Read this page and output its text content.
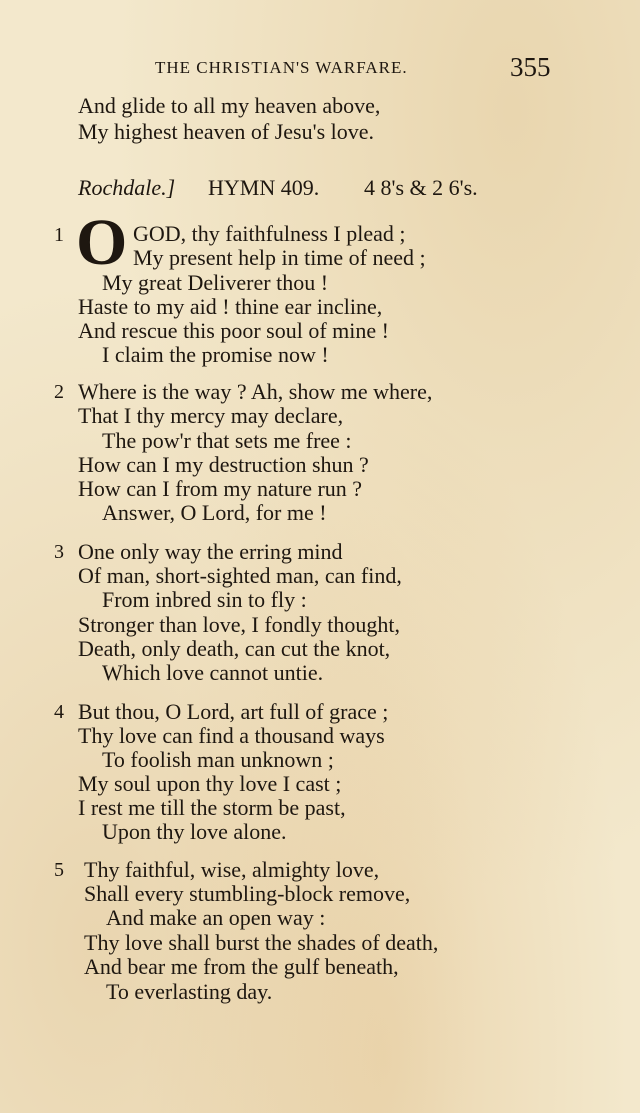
THE CHRISTIAN'S WARFARE.	355
And glide to all my heaven above,
My highest heaven of Jesu's love.
Rochdale.] HYMN 409. 4 8's & 2 6's.
1 O GOD, thy faithfulness I plead ;
My present help in time of need ;
My great Deliverer thou !
Haste to my aid ! thine ear incline,
And rescue this poor soul of mine !
I claim the promise now !
2 Where is the way ? Ah, show me where,
That I thy mercy may declare,
The pow'r that sets me free :
How can I my destruction shun ?
How can I from my nature run ?
Answer, O Lord, for me !
3 One only way the erring mind
Of man, short-sighted man, can find,
From inbred sin to fly :
Stronger than love, I fondly thought,
Death, only death, can cut the knot,
Which love cannot untie.
4 But thou, O Lord, art full of grace ;
Thy love can find a thousand ways
To foolish man unknown ;
My soul upon thy love I cast ;
I rest me till the storm be past,
Upon thy love alone.
5 Thy faithful, wise, almighty love,
Shall every stumbling-block remove,
And make an open way :
Thy love shall burst the shades of death,
And bear me from the gulf beneath,
To everlasting day.
